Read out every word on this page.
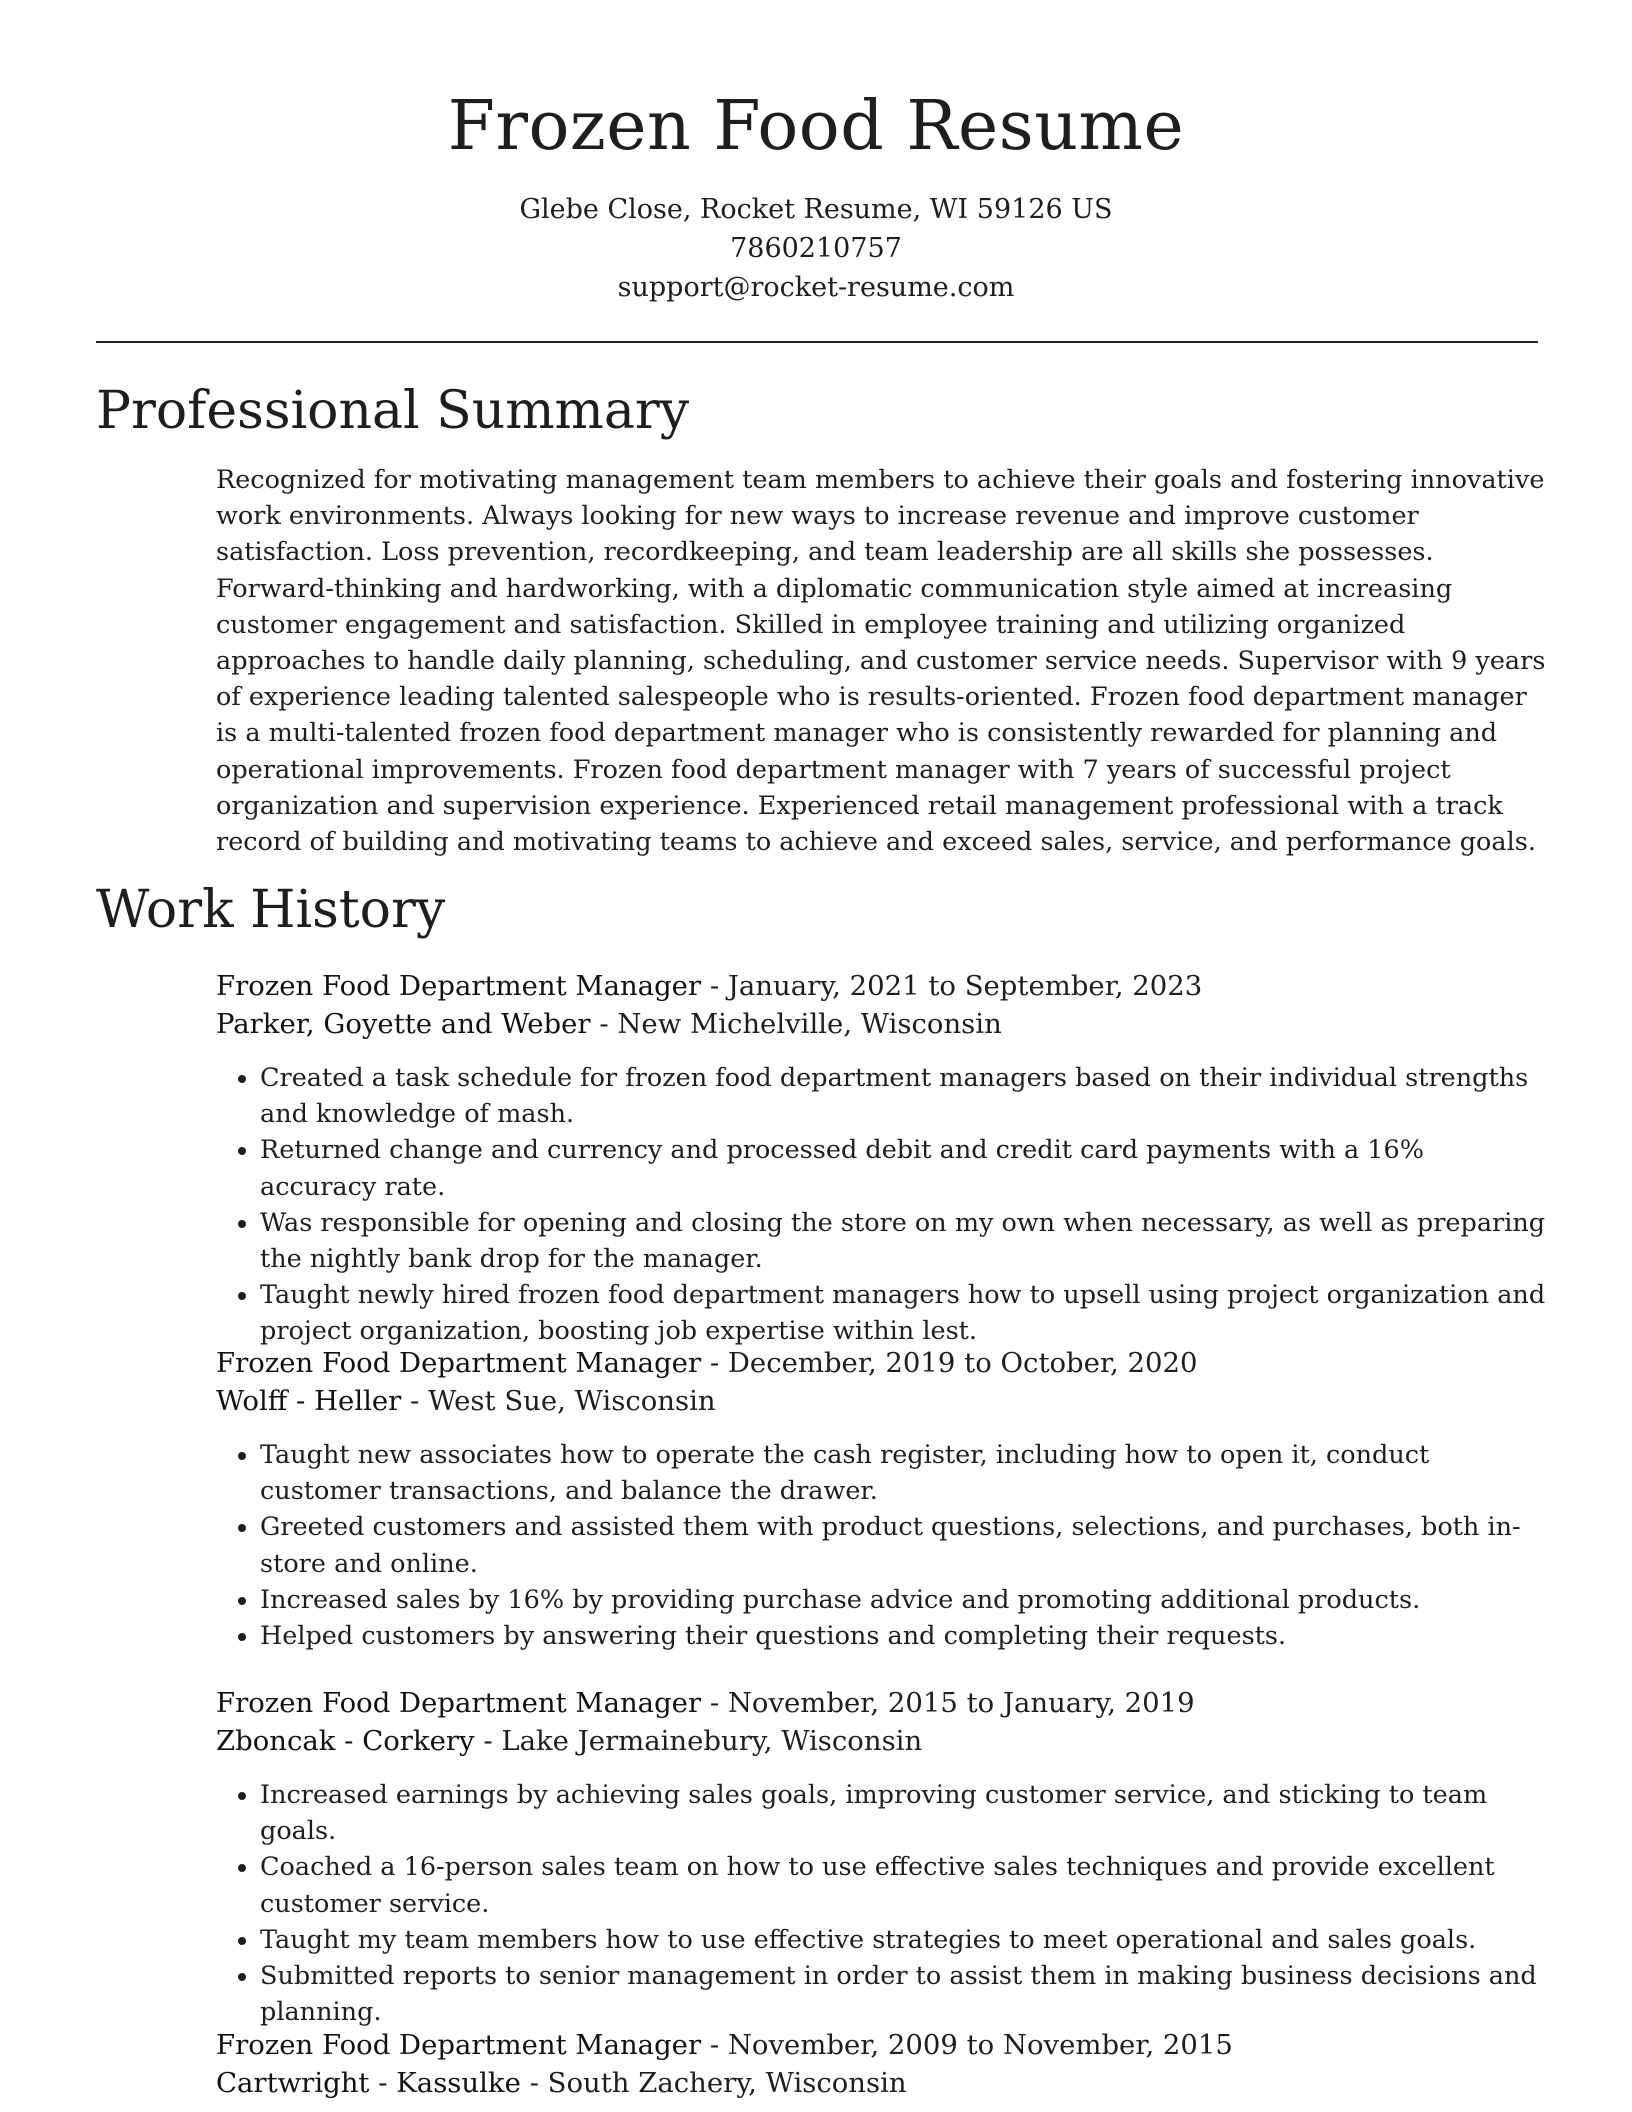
Frozen Food Resume
Glebe Close, Rocket Resume, WI 59126 US
7860210757
support@rocket-resume.com
Professional Summary

Recognized for motivating management team members to achieve their goals and fostering innovative work environments. Always looking for new ways to increase revenue and improve customer satisfaction. Loss prevention, recordkeeping, and team leadership are all skills she possesses. Forward-thinking and hardworking, with a diplomatic communication style aimed at increasing customer engagement and satisfaction. Skilled in employee training and utilizing organized approaches to handle daily planning, scheduling, and customer service needs. Supervisor with 9 years of experience leading talented salespeople who is results-oriented. Frozen food department manager is a multi-talented frozen food department manager who is consistently rewarded for planning and operational improvements. Frozen food department manager with 7 years of successful project organization and supervision experience. Experienced retail management professional with a track record of building and motivating teams to achieve and exceed sales, service, and performance goals.

Work History
Frozen Food Department Manager - January, 2021 to September, 2023
Parker, Goyette and Weber - New Michelville, Wisconsin
• Created a task schedule for frozen food department managers based on their individual strengths and knowledge of mash.
• Returned change and currency and processed debit and credit card payments with a 16% accuracy rate.
• Was responsible for opening and closing the store on my own when necessary, as well as preparing the nightly bank drop for the manager.
• Taught newly hired frozen food department managers how to upsell using project organization and project organization, boosting job expertise within lest.
Frozen Food Department Manager - December, 2019 to October, 2020
Wolff - Heller - West Sue, Wisconsin
• Taught new associates how to operate the cash register, including how to open it, conduct customer transactions, and balance the drawer.
• Greeted customers and assisted them with product questions, selections, and purchases, both in-store and online.
• Increased sales by 16% by providing purchase advice and promoting additional products.
• Helped customers by answering their questions and completing their requests.
Frozen Food Department Manager - November, 2015 to January, 2019
Zboncak - Corkery - Lake Jermainebury, Wisconsin
• Increased earnings by achieving sales goals, improving customer service, and sticking to team goals.
• Coached a 16-person sales team on how to use effective sales techniques and provide excellent customer service.
• Taught my team members how to use effective strategies to meet operational and sales goals.
• Submitted reports to senior management in order to assist them in making business decisions and planning.
Frozen Food Department Manager - November, 2009 to November, 2015
Cartwright - Kassulke - South Zachery, Wisconsin
